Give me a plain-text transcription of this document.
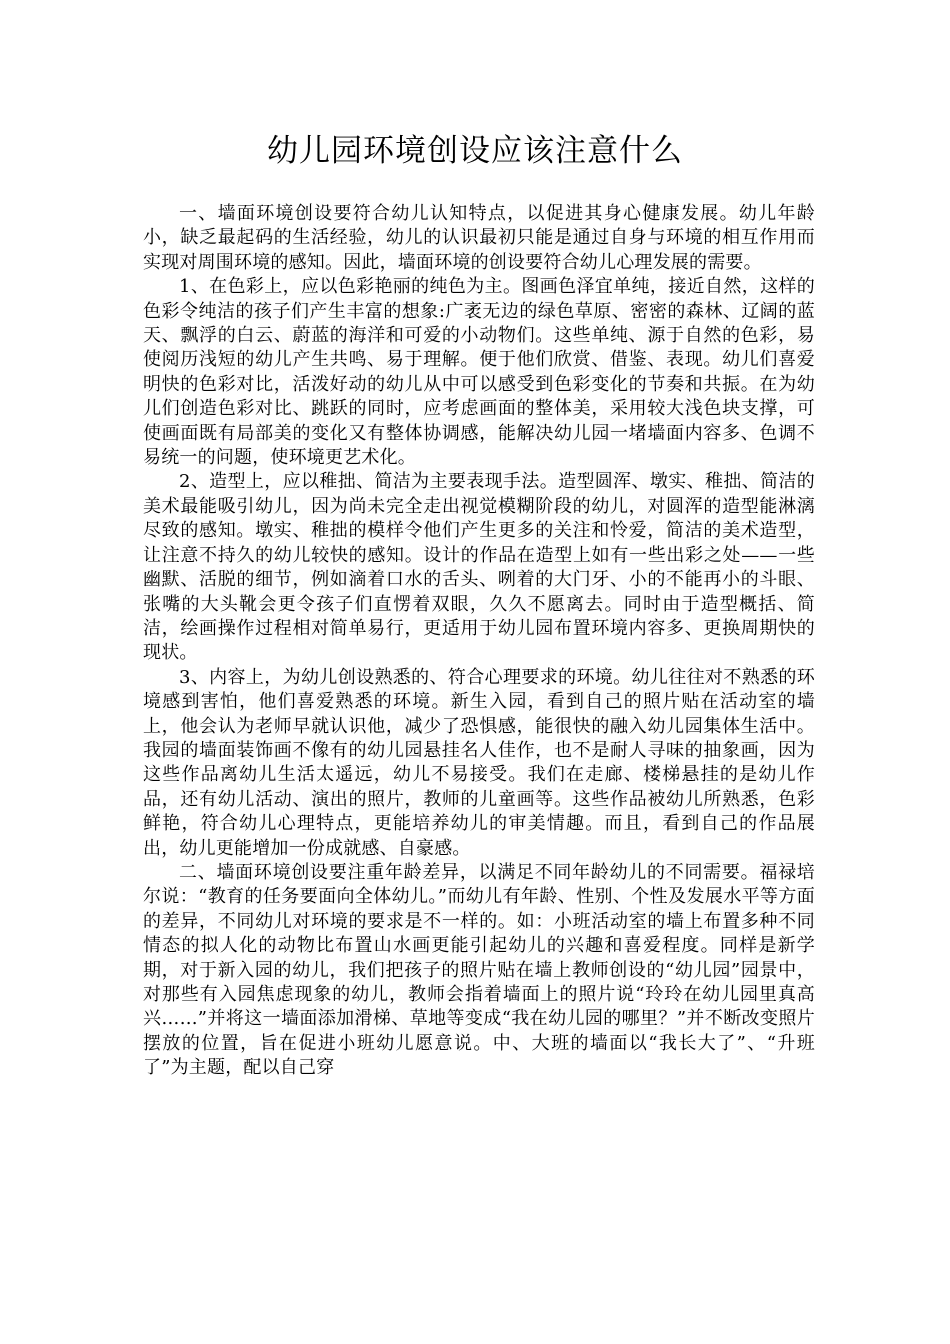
幼儿园环境创设应该注意什么

一、墙面环境创设要符合幼儿认知特点，以促进其身心健康发展。幼儿年龄小，缺乏最起码的生活经验，幼儿的认识最初只能是通过自身与环境的相互作用而实现对周围环境的感知。因此，墙面环境的创设要符合幼儿心理发展的需要。

1、在色彩上，应以色彩艳丽的纯色为主。图画色泽宜单纯，接近自然，这样的色彩令纯洁的孩子们产生丰富的想象:广袤无边的绿色草原、密密的森林、辽阔的蓝天、飘浮的白云、蔚蓝的海洋和可爱的小动物们。这些单纯、源于自然的色彩，易使阅历浅短的幼儿产生共鸣、易于理解。便于他们欣赏、借鉴、表现。幼儿们喜爱明快的色彩对比，活泼好动的幼儿从中可以感受到色彩变化的节奏和共振。在为幼儿们创造色彩对比、跳跃的同时，应考虑画面的整体美，采用较大浅色块支撑，可使画面既有局部美的变化又有整体协调感，能解决幼儿园一堵墙面内容多、色调不易统一的问题，使环境更艺术化。

2、造型上，应以稚拙、简洁为主要表现手法。造型圆浑、墩实、稚拙、简洁的美术最能吸引幼儿，因为尚未完全走出视觉模糊阶段的幼儿，对圆浑的造型能淋漓尽致的感知。墩实、稚拙的模样令他们产生更多的关注和怜爱，简洁的美术造型，让注意不持久的幼儿较快的感知。设计的作品在造型上如有一些出彩之处——一些幽默、活脱的细节，例如滴着口水的舌头、咧着的大门牙、小的不能再小的斗眼、张嘴的大头靴会更令孩子们直愣着双眼，久久不愿离去。同时由于造型概括、简洁，绘画操作过程相对简单易行，更适用于幼儿园布置环境内容多、更换周期快的现状。

3、内容上，为幼儿创设熟悉的、符合心理要求的环境。幼儿往往对不熟悉的环境感到害怕，他们喜爱熟悉的环境。新生入园，看到自己的照片贴在活动室的墙上，他会认为老师早就认识他，减少了恐惧感，能很快的融入幼儿园集体生活中。我园的墙面装饰画不像有的幼儿园悬挂名人佳作，也不是耐人寻味的抽象画，因为这些作品离幼儿生活太遥远，幼儿不易接受。我们在走廊、楼梯悬挂的是幼儿作品，还有幼儿活动、演出的照片，教师的儿童画等。这些作品被幼儿所熟悉，色彩鲜艳，符合幼儿心理特点，更能培养幼儿的审美情趣。而且，看到自己的作品展出，幼儿更能增加一份成就感、自豪感。

二、墙面环境创设要注重年龄差异，以满足不同年龄幼儿的不同需要。福禄培尔说：“教育的任务要面向全体幼儿。”而幼儿有年龄、性别、个性及发展水平等方面的差异，不同幼儿对环境的要求是不一样的。如：小班活动室的墙上布置多种不同情态的拟人化的动物比布置山水画更能引起幼儿的兴趣和喜爱程度。同样是新学期，对于新入园的幼儿，我们把孩子的照片贴在墙上教师创设的“幼儿园”园景中，对那些有入园焦虑现象的幼儿，教师会指着墙面上的照片说“玲玲在幼儿园里真高兴……”并将这一墙面添加滑梯、草地等变成“我在幼儿园的哪里？”并不断改变照片摆放的位置，旨在促进小班幼儿愿意说。中、大班的墙面以“我长大了”、“升班了”为主题，配以自己穿
